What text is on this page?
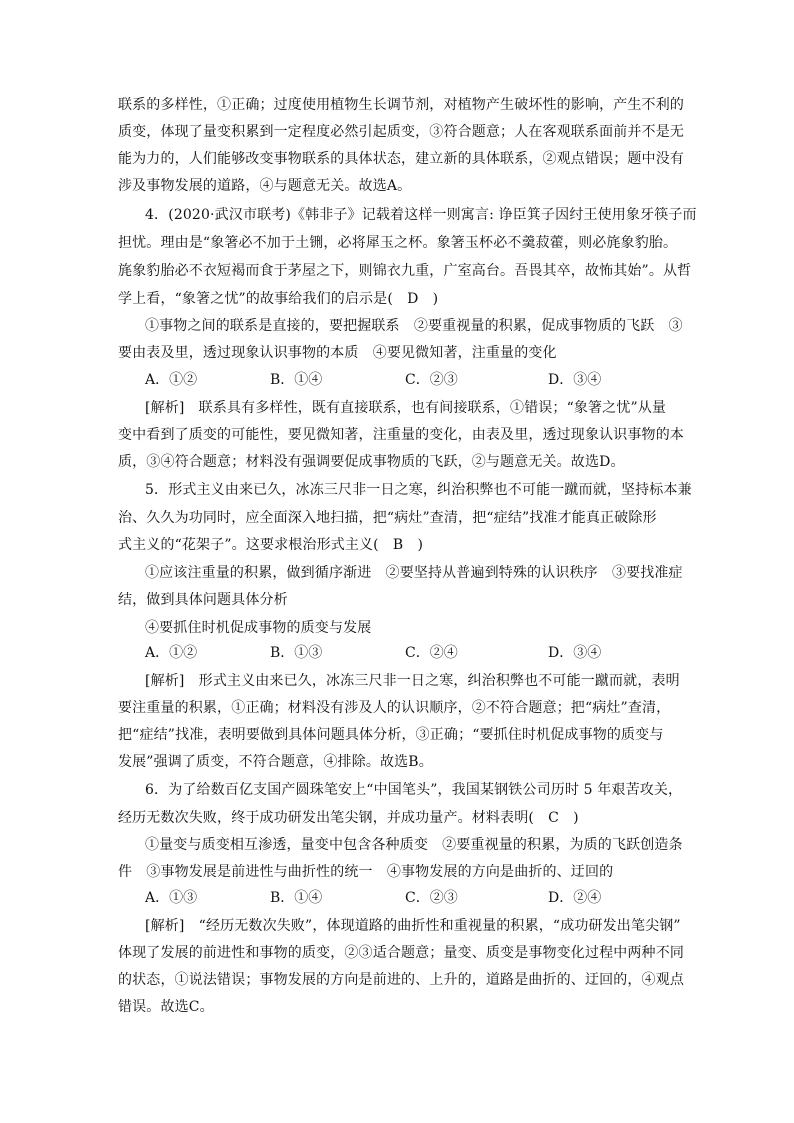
联系的多样性，①正确；过度使用植物生长调节剂，对植物产生破坏性的影响，产生不利的
质变，体现了量变积累到一定程度必然引起质变，③符合题意；人在客观联系面前并不是无
能为力的，人们能够改变事物联系的具体状态，建立新的具体联系，②观点错误；题中没有
涉及事物发展的道路，④与题意无关。故选A。
4．(2020·武汉市联考)《韩非子》记载着这样一则寓言: 诤臣箕子因纣王使用象牙筷子而
担忧。理由是“象箸必不加于土铏，必将犀玉之杯。象箸玉杯必不羹菽藿，则必旄象豹胎。
旄象豹胎必不衣短褐而食于茅屋之下，则锦衣九重，广室高台。吾畏其卒，故怖其始”。从哲
学上看，“象箸之忧”的故事给我们的启示是(　D　)
①事物之间的联系是直接的，要把握联系　②要重视量的积累，促成事物质的飞跃　③
要由表及里，透过现象认识事物的本质　④要见微知著，注重量的变化
A．①②	B．①④	C．②③	D．③④
[解析]　联系具有多样性，既有直接联系，也有间接联系，①错误；“象箸之忧”从量
变中看到了质变的可能性，要见微知著，注重量的变化，由表及里，透过现象认识事物的本
质，③④符合题意；材料没有强调要促成事物质的飞跃，②与题意无关。故选D。
5．形式主义由来已久，冰冻三尺非一日之寒，纠治积弊也不可能一蹴而就，坚持标本兼
治、久久为功同时，应全面深入地扫描，把“病灶”查清，把“症结”找准才能真正破除形
式主义的“花架子”。这要求根治形式主义(　B　)
①应该注重量的积累，做到循序渐进　②要坚持从普遍到特殊的认识秩序　③要找准症
结，做到具体问题具体分析
④要抓住时机促成事物的质变与发展
A．①②	B．①③	C．②④	D．③④
[解析]　形式主义由来已久，冰冻三尺非一日之寒，纠治积弊也不可能一蹴而就，表明
要注重量的积累，①正确；材料没有涉及人的认识顺序，②不符合题意；把“病灶”查清，
把“症结”找准，表明要做到具体问题具体分析，③正确；“要抓住时机促成事物的质变与
发展”强调了质变，不符合题意，④排除。故选B。
6．为了给数百亿支国产圆珠笔安上“中国笔头”，我国某钢铁公司历时 5 年艰苦攻关，
经历无数次失败，终于成功研发出笔尖钢，并成功量产。材料表明(　C　)
①量变与质变相互渗透，量变中包含各种质变　②要重视量的积累，为质的飞跃创造条
件　③事物发展是前进性与曲折性的统一　④事物发展的方向是曲折的、迂回的
A．①③	B．①④	C．②③	D．②④
[解析]　“经历无数次失败”，体现道路的曲折性和重视量的积累，“成功研发出笔尖钢”
体现了发展的前进性和事物的质变，②③适合题意；量变、质变是事物变化过程中两种不同
的状态，①说法错误；事物发展的方向是前进的、上升的，道路是曲折的、迂回的，④观点
错误。故选C。
